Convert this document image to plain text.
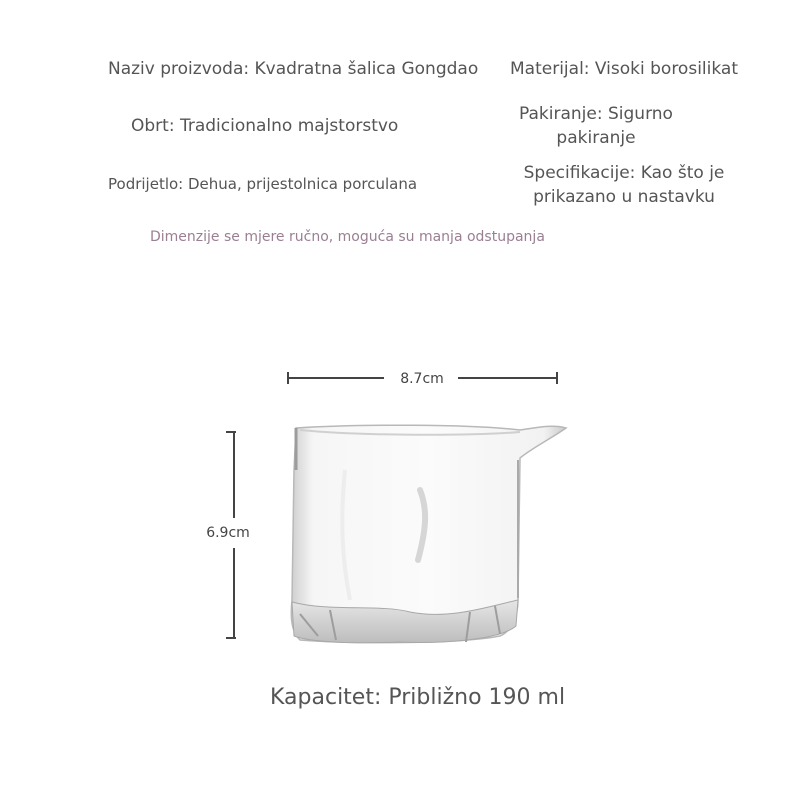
Naziv proizvoda: Kvadratna šalica Gongdao Materijal: Visoki borosilikat
Obrt: Tradicionalno majstorstvo
Pakiranje: Sigurno
pakiranje
Podrijetlo: Dehua, prijestolnica porculana
Specifikacije: Kao što je
prikazano u nastavku
Dimenzije se mjere ručno, moguća su manja odstupanja
8.7cm
6.9cm
Kapacitet: Približno 190 ml
